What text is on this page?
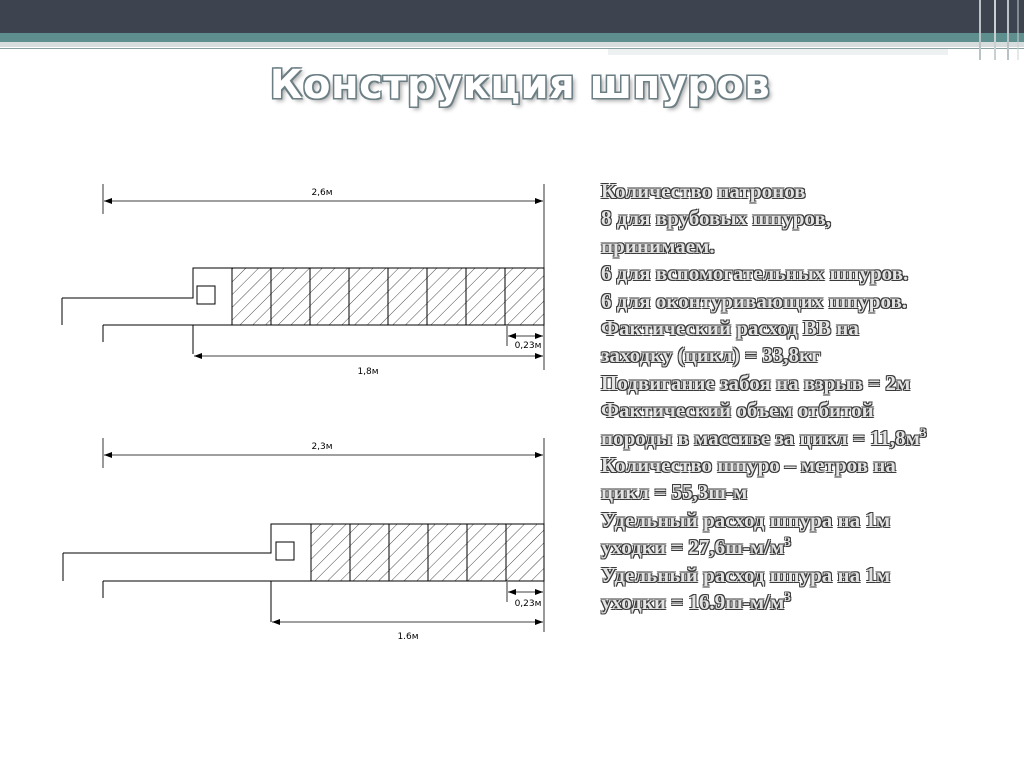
Конструкция шпуров
2,6м
0,23м
1,8м
2,3м
0,23м
1.6м
Количество патронов
8 для врубовых шпуров,
принимаем.
6 для вспомогательных шпуров.
6 для оконтуривающих шпуров.
Фактический расход ВВ на
заходку (цикл) = 33,8кг
Подвигание забоя на взрыв = 2м
Фактический объем отбитой
породы в массиве за цикл = $11,8м^3$
Количество шпуро – метров на
цикл = 55,3ш-м
Удельный расход шпура на 1м
уходки = $27,6ш-м/м^3$
Удельный расход шпура на 1м
уходки = $16.9ш-м/м^3$
